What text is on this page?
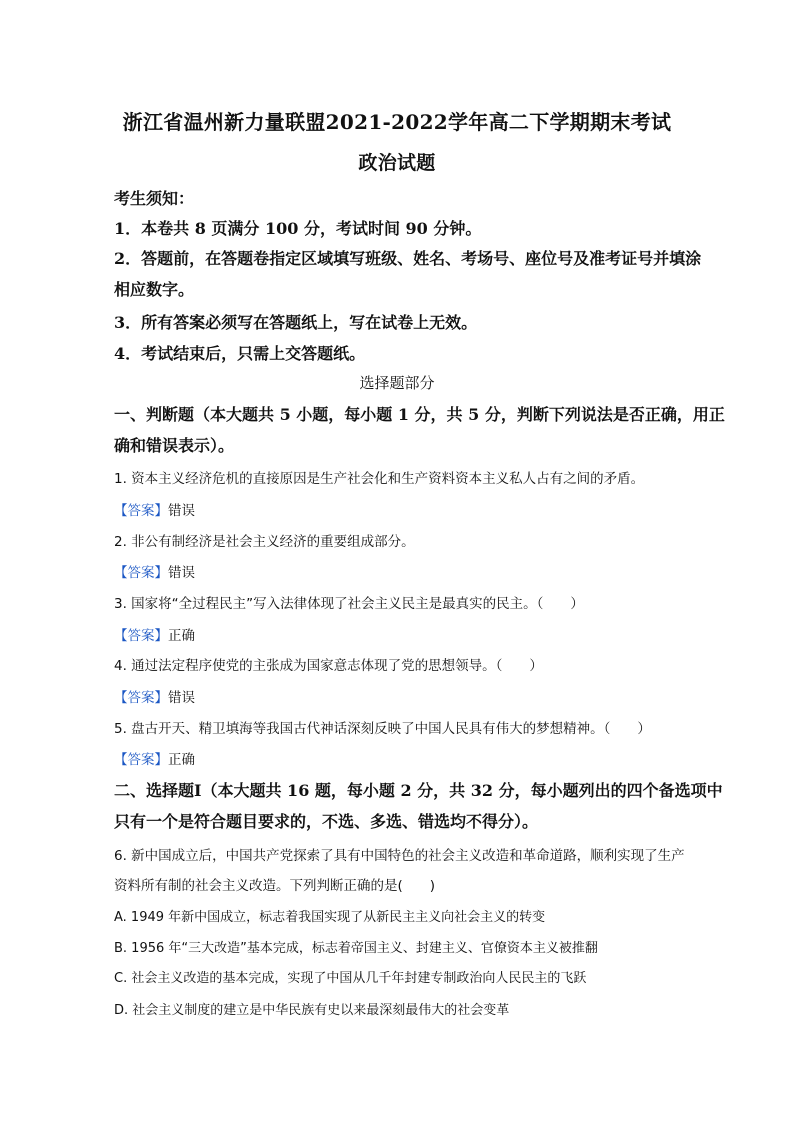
浙江省温州新力量联盟2021-2022学年高二下学期期末考试
政治试题
考生须知：
1．本卷共 8 页满分 100 分，考试时间 90 分钟。
2．答题前，在答题卷指定区域填写班级、姓名、考场号、座位号及准考证号并填涂
相应数字。
3．所有答案必须写在答题纸上，写在试卷上无效。
4．考试结束后，只需上交答题纸。
选择题部分
一、判断题（本大题共 5 小题，每小题 1 分，共 5 分，判断下列说法是否正确，用正
确和错误表示）。
1. 资本主义经济危机的直接原因是生产社会化和生产资料资本主义私人占有之间的矛盾。
【答案】错误
2. 非公有制经济是社会主义经济的重要组成部分。
【答案】错误
3. 国家将“全过程民主”写入法律体现了社会主义民主是最真实的民主。（　　）
【答案】正确
4. 通过法定程序使党的主张成为国家意志体现了党的思想领导。（　　）
【答案】错误
5. 盘古开天、精卫填海等我国古代神话深刻反映了中国人民具有伟大的梦想精神。（　　）
【答案】正确
二、选择题Ⅰ（本大题共 16 题，每小题 2 分，共 32 分，每小题列出的四个备选项中
只有一个是符合题目要求的，不选、多选、错选均不得分）。
6. 新中国成立后，中国共产党探索了具有中国特色的社会主义改造和革命道路，顺利实现了生产
资料所有制的社会主义改造。下列判断正确的是(　　)
A. 1949 年新中国成立，标志着我国实现了从新民主主义向社会主义的转变
B. 1956 年“三大改造”基本完成，标志着帝国主义、封建主义、官僚资本主义被推翻
C. 社会主义改造的基本完成，实现了中国从几千年封建专制政治向人民民主的飞跃
D. 社会主义制度的建立是中华民族有史以来最深刻最伟大的社会变革
